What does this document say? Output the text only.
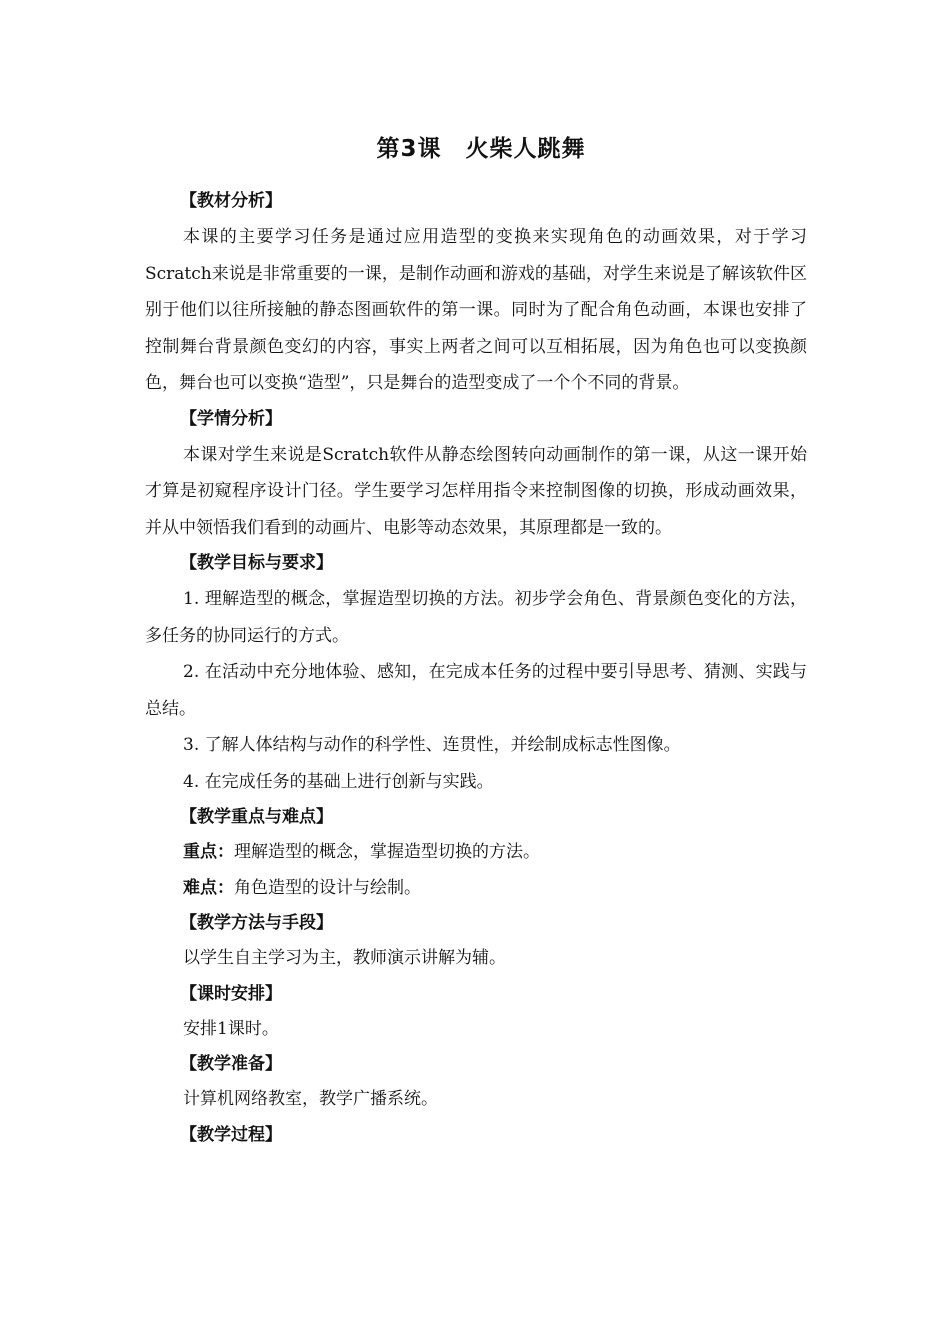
第3课　火柴人跳舞

【教材分析】

本课的主要学习任务是通过应用造型的变换来实现角色的动画效果，对于学习Scratch来说是非常重要的一课，是制作动画和游戏的基础，对学生来说是了解该软件区别于他们以往所接触的静态图画软件的第一课。同时为了配合角色动画，本课也安排了控制舞台背景颜色变幻的内容，事实上两者之间可以互相拓展，因为角色也可以变换颜色，舞台也可以变换“造型”，只是舞台的造型变成了一个个不同的背景。

【学情分析】

本课对学生来说是Scratch软件从静态绘图转向动画制作的第一课，从这一课开始才算是初窥程序设计门径。学生要学习怎样用指令来控制图像的切换，形成动画效果，并从中领悟我们看到的动画片、电影等动态效果，其原理都是一致的。

【教学目标与要求】

1. 理解造型的概念，掌握造型切换的方法。初步学会角色、背景颜色变化的方法，多任务的协同运行的方式。

2. 在活动中充分地体验、感知，在完成本任务的过程中要引导思考、猜测、实践与总结。

3. 了解人体结构与动作的科学性、连贯性，并绘制成标志性图像。

4. 在完成任务的基础上进行创新与实践。

【教学重点与难点】

重点：理解造型的概念，掌握造型切换的方法。

难点：角色造型的设计与绘制。

【教学方法与手段】

以学生自主学习为主，教师演示讲解为辅。

【课时安排】

安排1课时。

【教学准备】

计算机网络教室，教学广播系统。

【教学过程】
